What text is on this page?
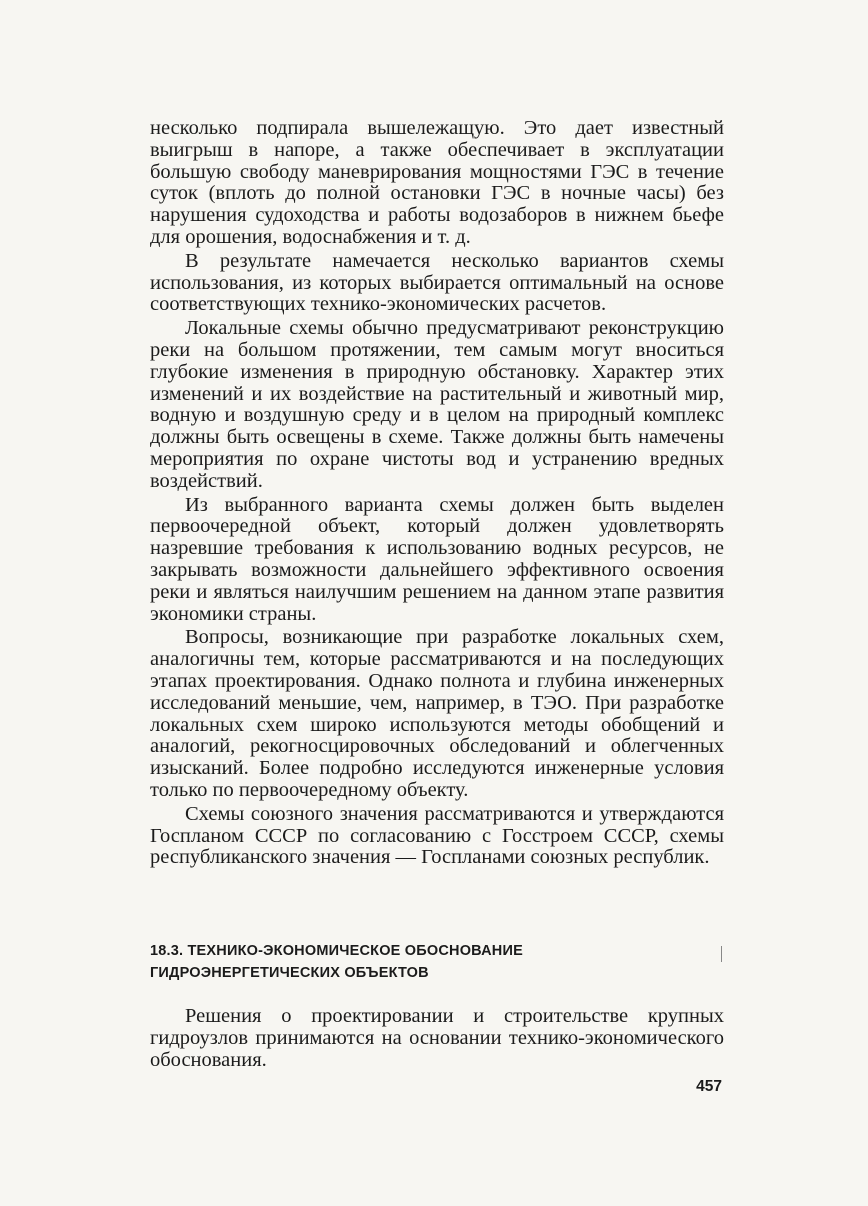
несколько подпирала вышележащую. Это дает известный выигрыш в напоре, а также обеспечивает в эксплуатации большую свободу маневрирования мощностями ГЭС в течение суток (вплоть до полной остановки ГЭС в ночные часы) без нарушения судоходства и работы водозаборов в нижнем бьефе для орошения, водоснабжения и т. д.

В результате намечается несколько вариантов схемы использования, из которых выбирается оптимальный на основе соответствующих технико-экономических расчетов.

Локальные схемы обычно предусматривают реконструкцию реки на большом протяжении, тем самым могут вноситься глубокие изменения в природную обстановку. Характер этих изменений и их воздействие на растительный и животный мир, водную и воздушную среду и в целом на природный комплекс должны быть освещены в схеме. Также должны быть намечены мероприятия по охране чистоты вод и устранению вредных воздействий.

Из выбранного варианта схемы должен быть выделен первоочередной объект, который должен удовлетворять назревшие требования к использованию водных ресурсов, не закрывать возможности дальнейшего эффективного освоения реки и являться наилучшим решением на данном этапе развития экономики страны.

Вопросы, возникающие при разработке локальных схем, аналогичны тем, которые рассматриваются и на последующих этапах проектирования. Однако полнота и глубина инженерных исследований меньшие, чем, например, в ТЭО. При разработке локальных схем широко используются методы обобщений и аналогий, рекогносцировочных обследований и облегченных изысканий. Более подробно исследуются инженерные условия только по первоочередному объекту.

Схемы союзного значения рассматриваются и утверждаются Госпланом СССР по согласованию с Госстроем СССР, схемы республиканского значения — Госпланами союзных республик.

18.3. ТЕХНИКО-ЭКОНОМИЧЕСКОЕ ОБОСНОВАНИЕ
ГИДРОЭНЕРГЕТИЧЕСКИХ ОБЪЕКТОВ

Решения о проектировании и строительстве крупных гидроузлов принимаются на основании технико-экономического обоснования.

457
